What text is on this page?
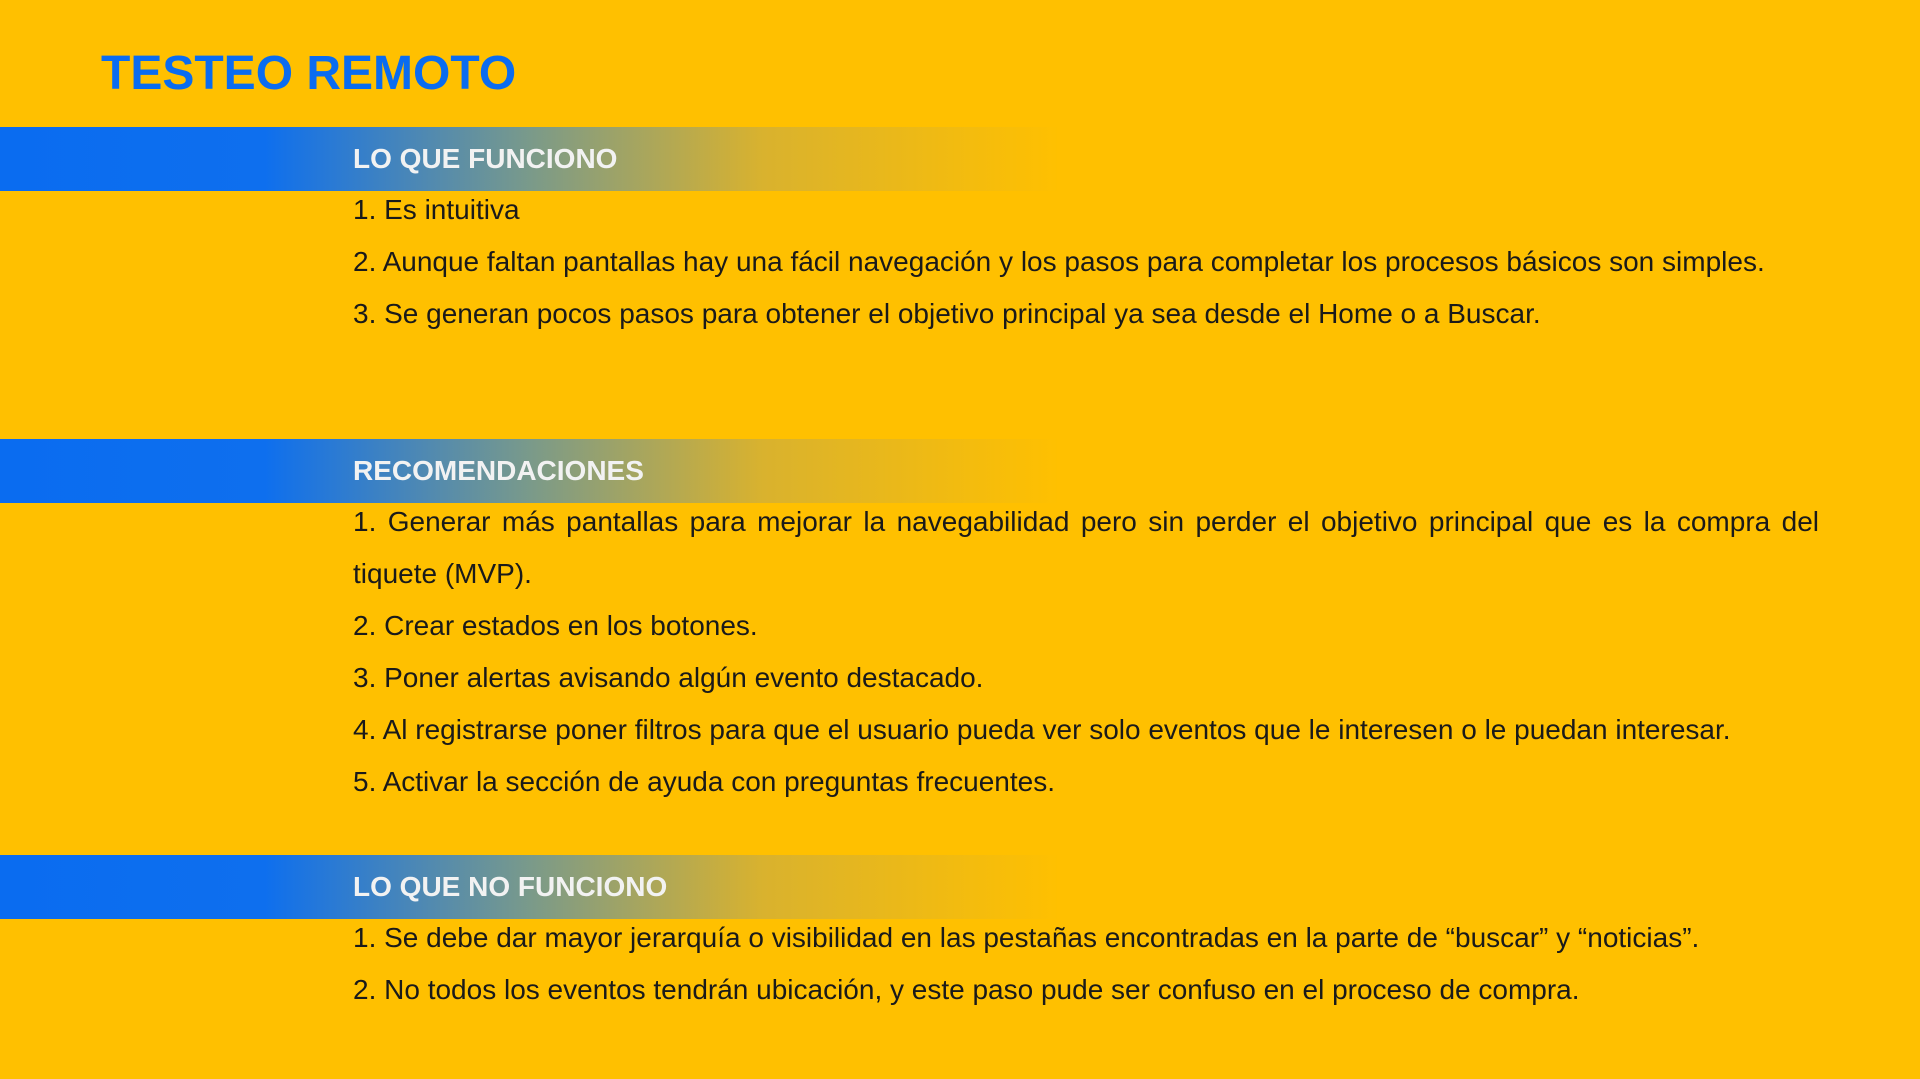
TESTEO REMOTO
LO QUE FUNCIONO
1. Es intuitiva
2. Aunque faltan pantallas hay una fácil navegación y los pasos para completar los procesos básicos son simples.
3. Se generan pocos pasos para obtener el objetivo principal ya sea desde el Home o a Buscar.
RECOMENDACIONES
1. Generar más pantallas para mejorar la navegabilidad pero sin perder el objetivo principal que es la compra del tiquete (MVP).
2. Crear estados en los botones.
3. Poner alertas avisando algún evento destacado.
4. Al registrarse poner filtros para que el usuario pueda ver solo eventos que le interesen o le puedan interesar.
5. Activar la sección de ayuda con preguntas frecuentes.
LO QUE NO FUNCIONO
1. Se debe dar mayor jerarquía o visibilidad en las pestañas encontradas en la parte de “buscar” y “noticias”.
2. No todos los eventos tendrán ubicación, y este paso pude ser confuso en el proceso de compra.
